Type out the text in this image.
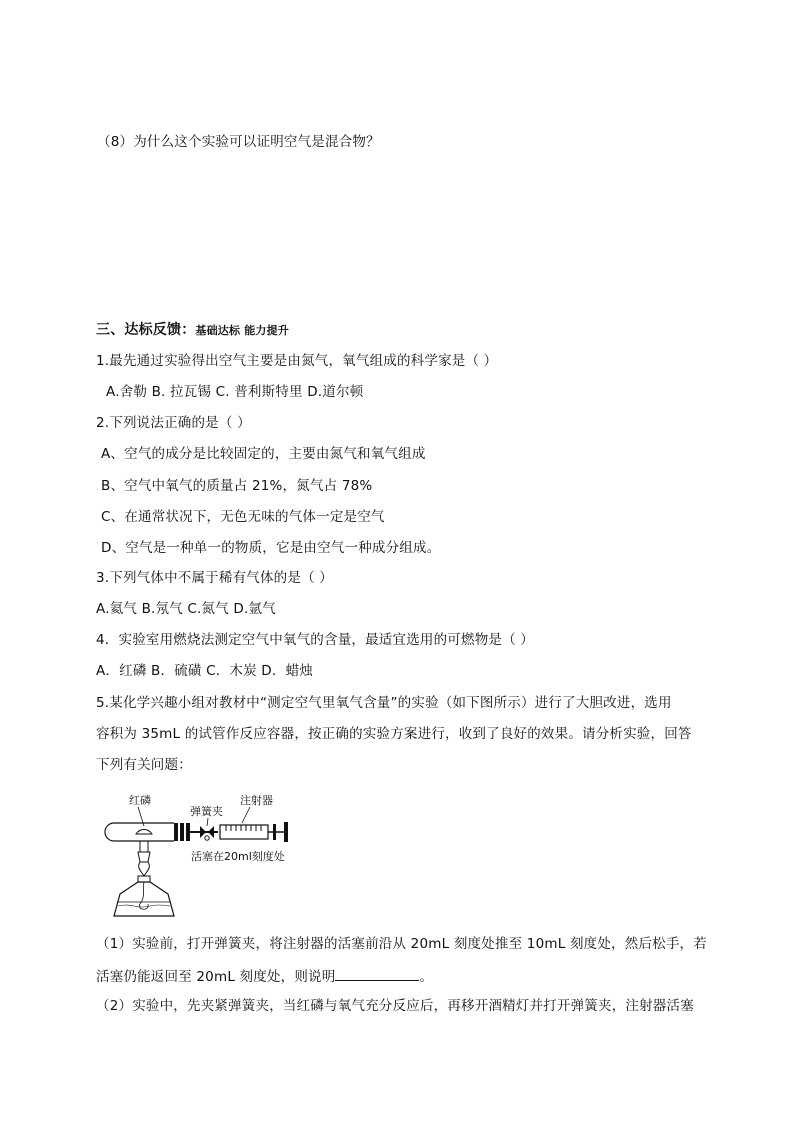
（8）为什么这个实验可以证明空气是混合物？
三、达标反馈：基础达标 能力提升
1.最先通过实验得出空气主要是由氮气，氧气组成的科学家是（ ）
A.舍勒 B. 拉瓦锡 C. 普利斯特里 D.道尔顿
2.下列说法正确的是（ ）
A、空气的成分是比较固定的，主要由氮气和氧气组成
B、空气中氧气的质量占 21%，氮气占 78%
C、在通常状况下，无色无味的气体一定是空气
D、空气是一种单一的物质，它是由空气一种成分组成。
3.下列气体中不属于稀有气体的是（ ）
A.氦气 B.氖气 C.氮气 D.氩气
4．实验室用燃烧法测定空气中氧气的含量，最适宜选用的可燃物是（ ）
A．红磷 B．硫磺 C．木炭 D．蜡烛
5.某化学兴趣小组对教材中“测定空气里氧气含量”的实验（如下图所示）进行了大胆改进，选用
容积为 35mL 的试管作反应容器，按正确的实验方案进行，收到了良好的效果。请分析实验，回答
下列有关问题：
红磷
弹簧夹
注射器
活塞在20ml刻度处
（1）实验前，打开弹簧夹，将注射器的活塞前沿从 20mL 刻度处推至 10mL 刻度处，然后松手，若
活塞仍能返回至 20mL 刻度处，则说明	。
（2）实验中，先夹紧弹簧夹，当红磷与氧气充分反应后，再移开酒精灯并打开弹簧夹，注射器活塞
